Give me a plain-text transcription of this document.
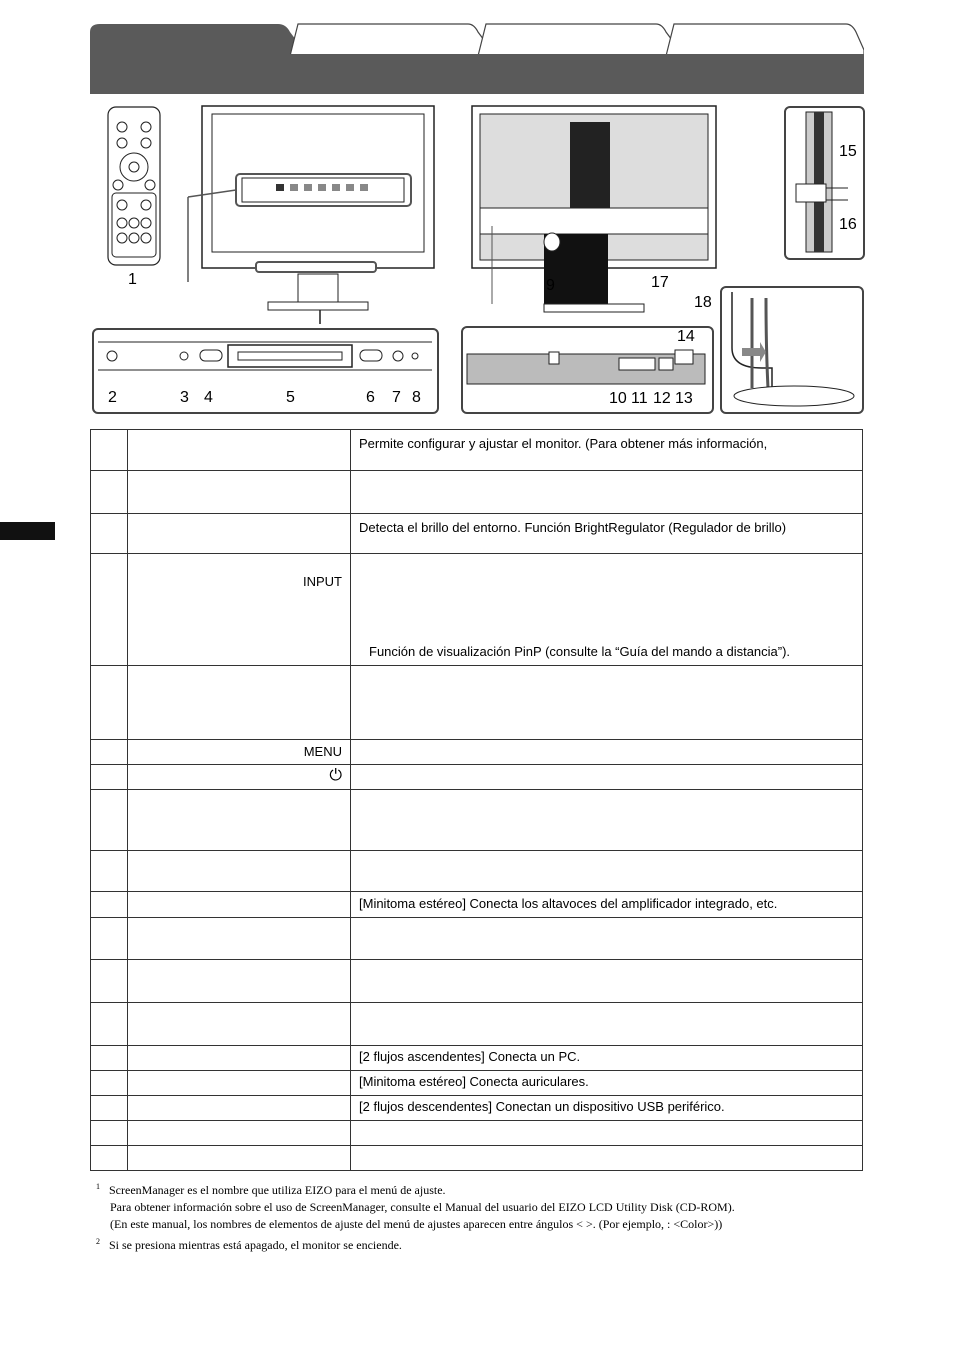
1	9	17
18
15
16
2	3 4	5	6 7 8
14
10 11 12 13
		Permite configurar y ajustar el monitor. (Para obtener más información,

		Detecta el brillo del entorno. Función BrightRegulator (Regulador de brillo)
	INPUT	Función de visualización PinP (consulte la “Guía del mando a distancia”).

	MENU	
	⏻	

		[Minitoma estéreo] Conecta los altavoces del amplificador integrado, etc.

		[2 flujos ascendentes] Conecta un PC.
		[Minitoma estéreo] Conecta auriculares.
		[2 flujos descendentes] Conectan un dispositivo USB periférico.

$^1$ ScreenManager es el nombre que utiliza EIZO para el menú de ajuste.
Para obtener información sobre el uso de ScreenManager, consulte el Manual del usuario del EIZO LCD Utility Disk (CD-ROM).
(En este manual, los nombres de elementos de ajuste del menú de ajustes aparecen entre ángulos < >. (Por ejemplo, : <Color>))
$^2$ Si se presiona mientras está apagado, el monitor se enciende.
